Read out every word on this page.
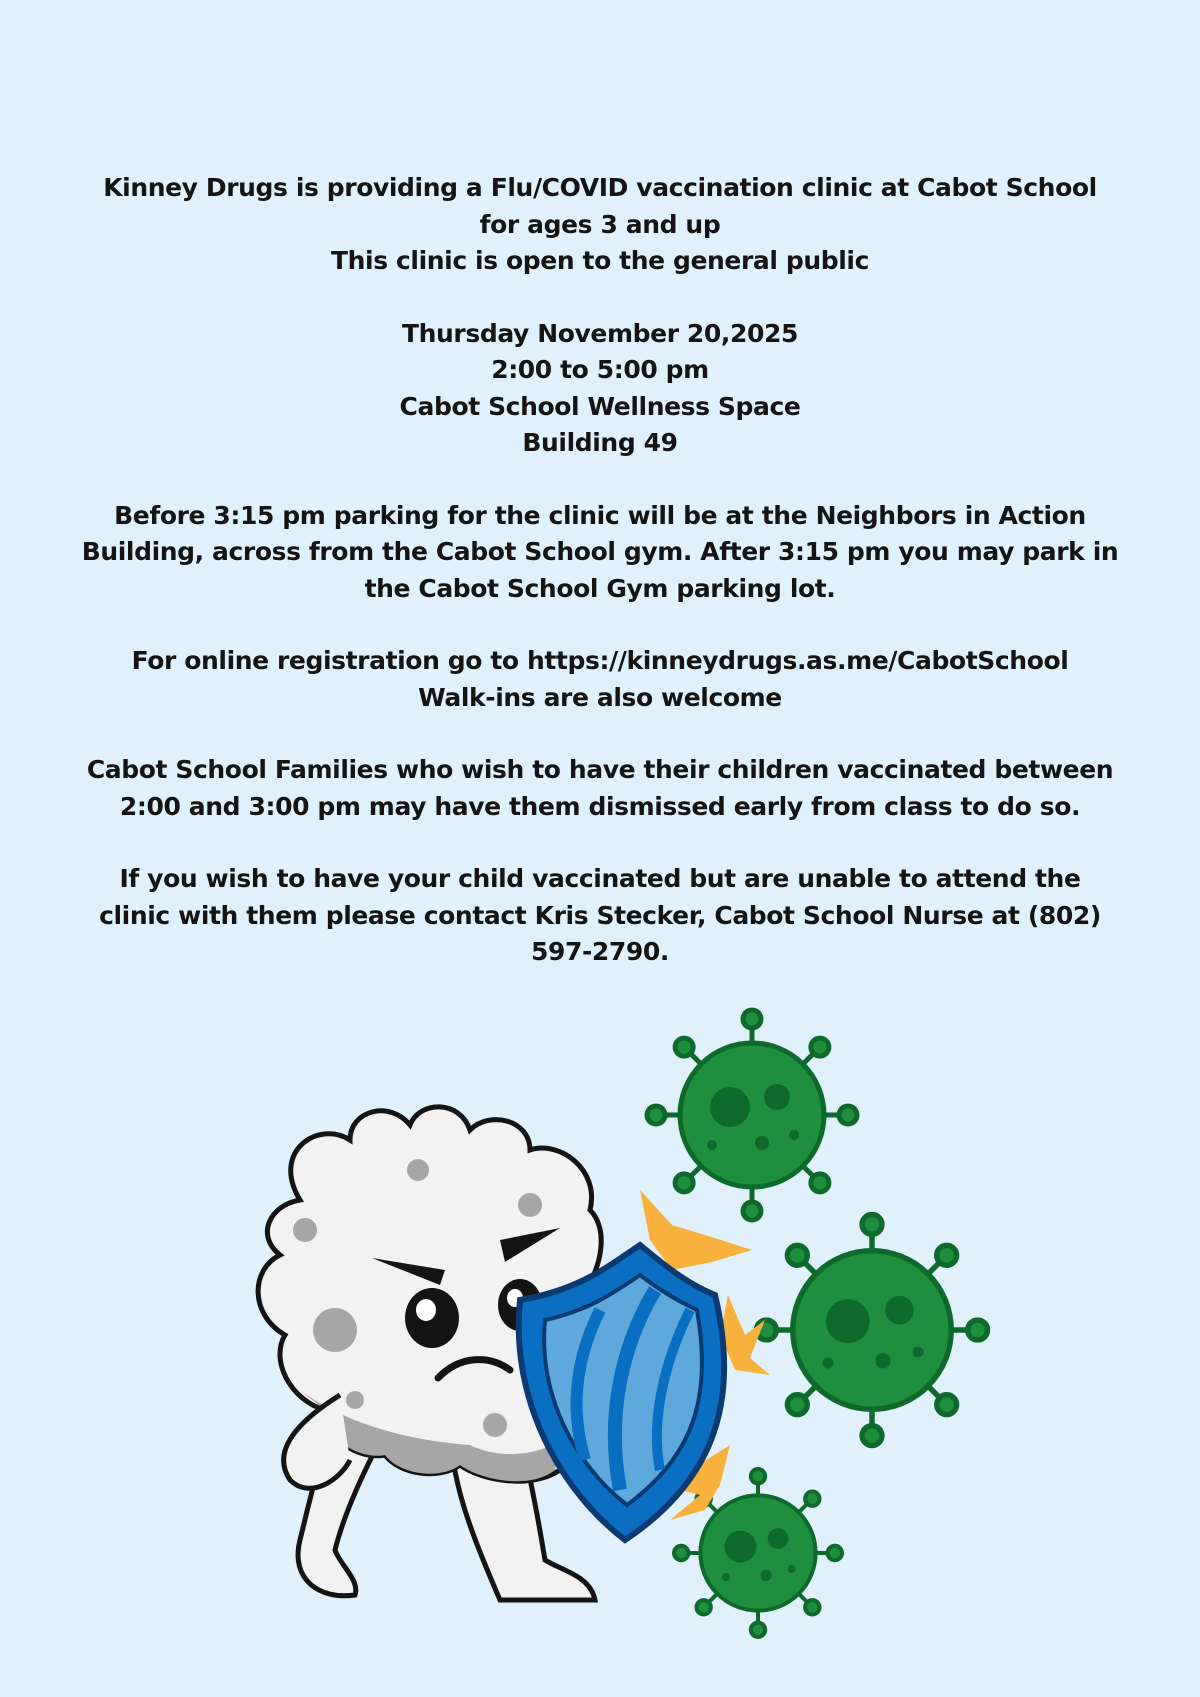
Kinney Drugs is providing a Flu/COVID vaccination clinic at Cabot School for ages 3 and up

This clinic is open to the general public

Thursday November 20,2025

2:00 to 5:00 pm

Cabot School Wellness Space

Building 49

Before 3:15 pm parking for the clinic will be at the Neighbors in Action Building, across from the Cabot School gym. After 3:15 pm you may park in the Cabot School Gym parking lot.

For online registration go to https://kinneydrugs.as.me/CabotSchool

Walk-ins are also welcome

Cabot School Families who wish to have their children vaccinated between 2:00 and 3:00 pm may have them dismissed early from class to do so.

If you wish to have your child vaccinated but are unable to attend the clinic with them please contact Kris Stecker, Cabot School Nurse at (802) 597-2790.
